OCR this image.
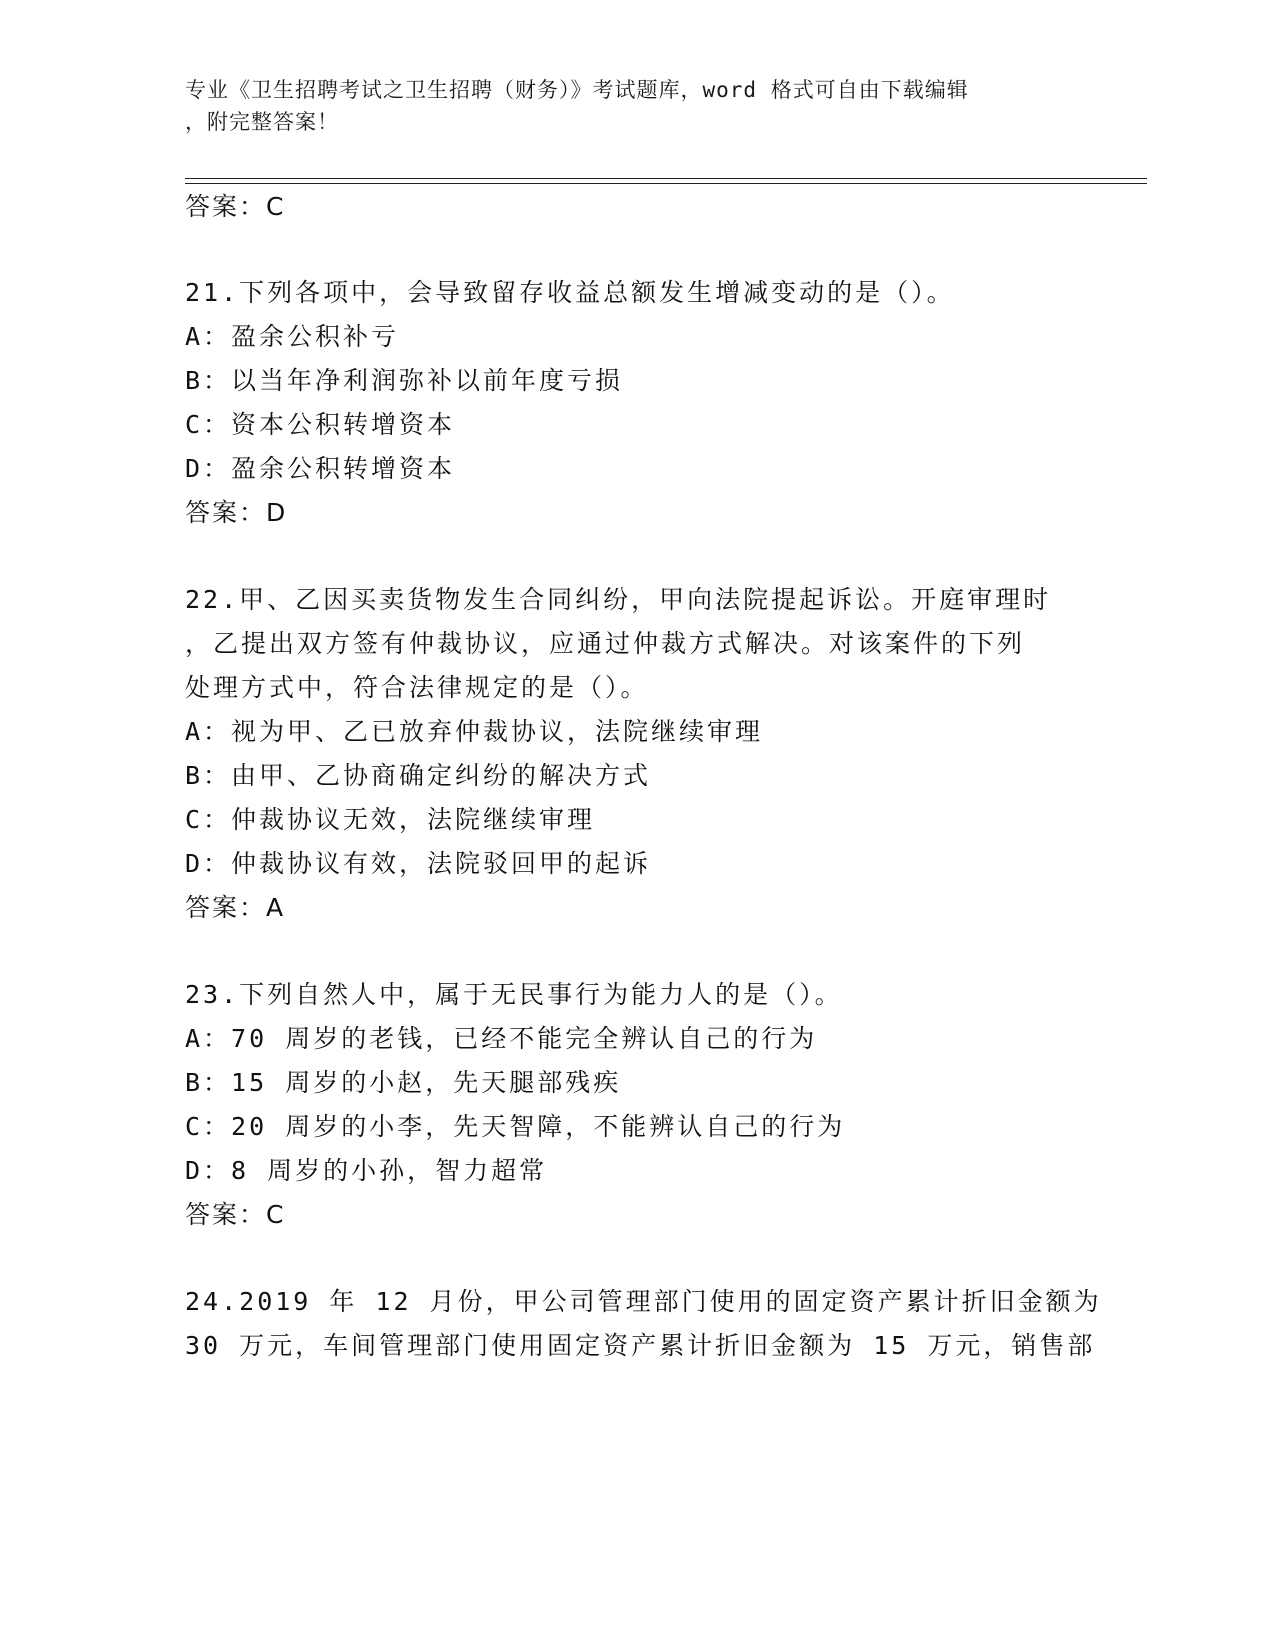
专业《卫生招聘考试之卫生招聘（财务）》考试题库，word 格式可自由下载编辑
，附完整答案！
答案：C
21.下列各项中，会导致留存收益总额发生增减变动的是（）。
A：盈余公积补亏
B：以当年净利润弥补以前年度亏损
C：资本公积转增资本
D：盈余公积转增资本
答案：D
22.甲、乙因买卖货物发生合同纠纷，甲向法院提起诉讼。开庭审理时
，乙提出双方签有仲裁协议，应通过仲裁方式解决。对该案件的下列
处理方式中，符合法律规定的是（）。
A：视为甲、乙已放弃仲裁协议，法院继续审理
B：由甲、乙协商确定纠纷的解决方式
C：仲裁协议无效，法院继续审理
D：仲裁协议有效，法院驳回甲的起诉
答案：A
23.下列自然人中，属于无民事行为能力人的是（）。
A：70 周岁的老钱，已经不能完全辨认自己的行为
B：15 周岁的小赵，先天腿部残疾
C：20 周岁的小李，先天智障，不能辨认自己的行为
D：8 周岁的小孙，智力超常
答案：C
24.2019 年 12 月份，甲公司管理部门使用的固定资产累计折旧金额为
30 万元，车间管理部门使用固定资产累计折旧金额为 15 万元，销售部
